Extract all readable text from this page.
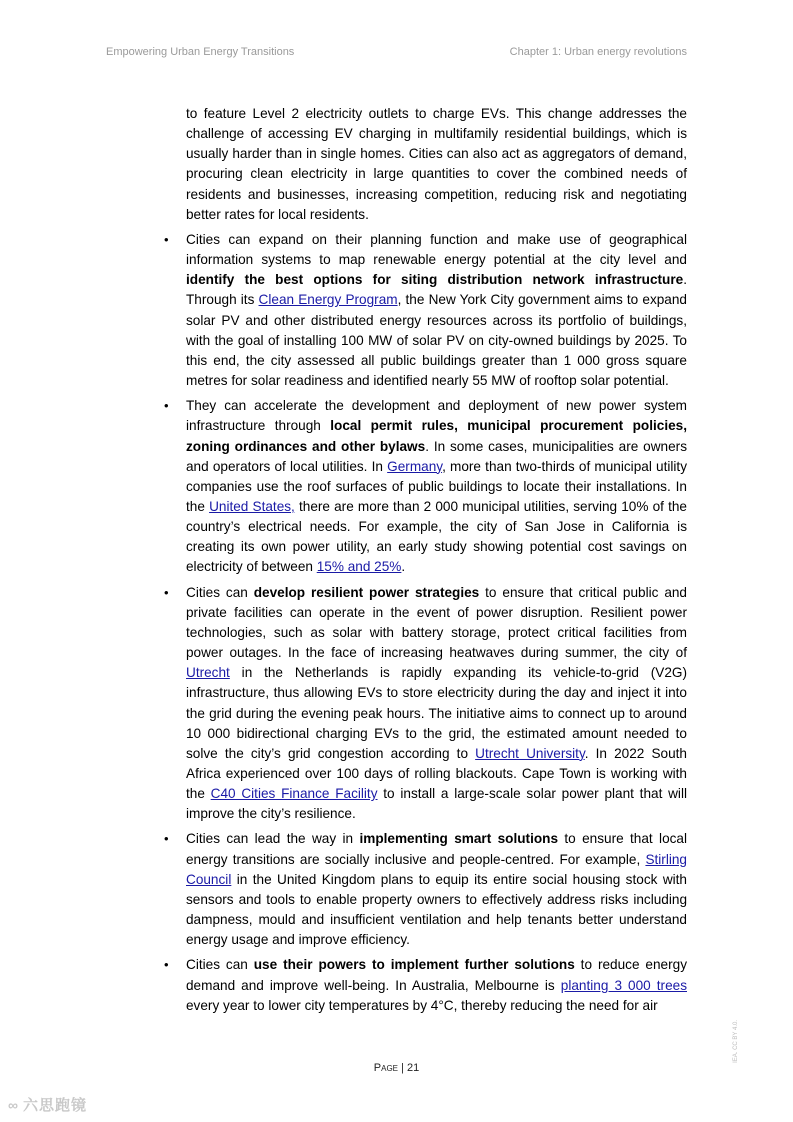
Empowering Urban Energy Transitions	Chapter 1: Urban energy revolutions

to feature Level 2 electricity outlets to charge EVs. This change addresses the challenge of accessing EV charging in multifamily residential buildings, which is usually harder than in single homes. Cities can also act as aggregators of demand, procuring clean electricity in large quantities to cover the combined needs of residents and businesses, increasing competition, reducing risk and negotiating better rates for local residents.

• Cities can expand on their planning function and make use of geographical information systems to map renewable energy potential at the city level and identify the best options for siting distribution network infrastructure. Through its Clean Energy Program, the New York City government aims to expand solar PV and other distributed energy resources across its portfolio of buildings, with the goal of installing 100 MW of solar PV on city-owned buildings by 2025. To this end, the city assessed all public buildings greater than 1 000 gross square metres for solar readiness and identified nearly 55 MW of rooftop solar potential.
• They can accelerate the development and deployment of new power system infrastructure through local permit rules, municipal procurement policies, zoning ordinances and other bylaws. In some cases, municipalities are owners and operators of local utilities. In Germany, more than two-thirds of municipal utility companies use the roof surfaces of public buildings to locate their installations. In the United States, there are more than 2 000 municipal utilities, serving 10% of the country’s electrical needs. For example, the city of San Jose in California is creating its own power utility, an early study showing potential cost savings on electricity of between 15% and 25%.
• Cities can develop resilient power strategies to ensure that critical public and private facilities can operate in the event of power disruption. Resilient power technologies, such as solar with battery storage, protect critical facilities from power outages. In the face of increasing heatwaves during summer, the city of Utrecht in the Netherlands is rapidly expanding its vehicle-to-grid (V2G) infrastructure, thus allowing EVs to store electricity during the day and inject it into the grid during the evening peak hours. The initiative aims to connect up to around 10 000 bidirectional charging EVs to the grid, the estimated amount needed to solve the city’s grid congestion according to Utrecht University. In 2022 South Africa experienced over 100 days of rolling blackouts. Cape Town is working with the C40 Cities Finance Facility to install a large-scale solar power plant that will improve the city’s resilience.
• Cities can lead the way in implementing smart solutions to ensure that local energy transitions are socially inclusive and people-centred. For example, Stirling Council in the United Kingdom plans to equip its entire social housing stock with sensors and tools to enable property owners to effectively address risks including dampness, mould and insufficient ventilation and help tenants better understand energy usage and improve efficiency.
• Cities can use their powers to implement further solutions to reduce energy demand and improve well-being. In Australia, Melbourne is planting 3 000 trees every year to lower city temperatures by 4°C, thereby reducing the need for air
Page | 21
IEA. CC BY 4.0.
∞ 六思跑镜
